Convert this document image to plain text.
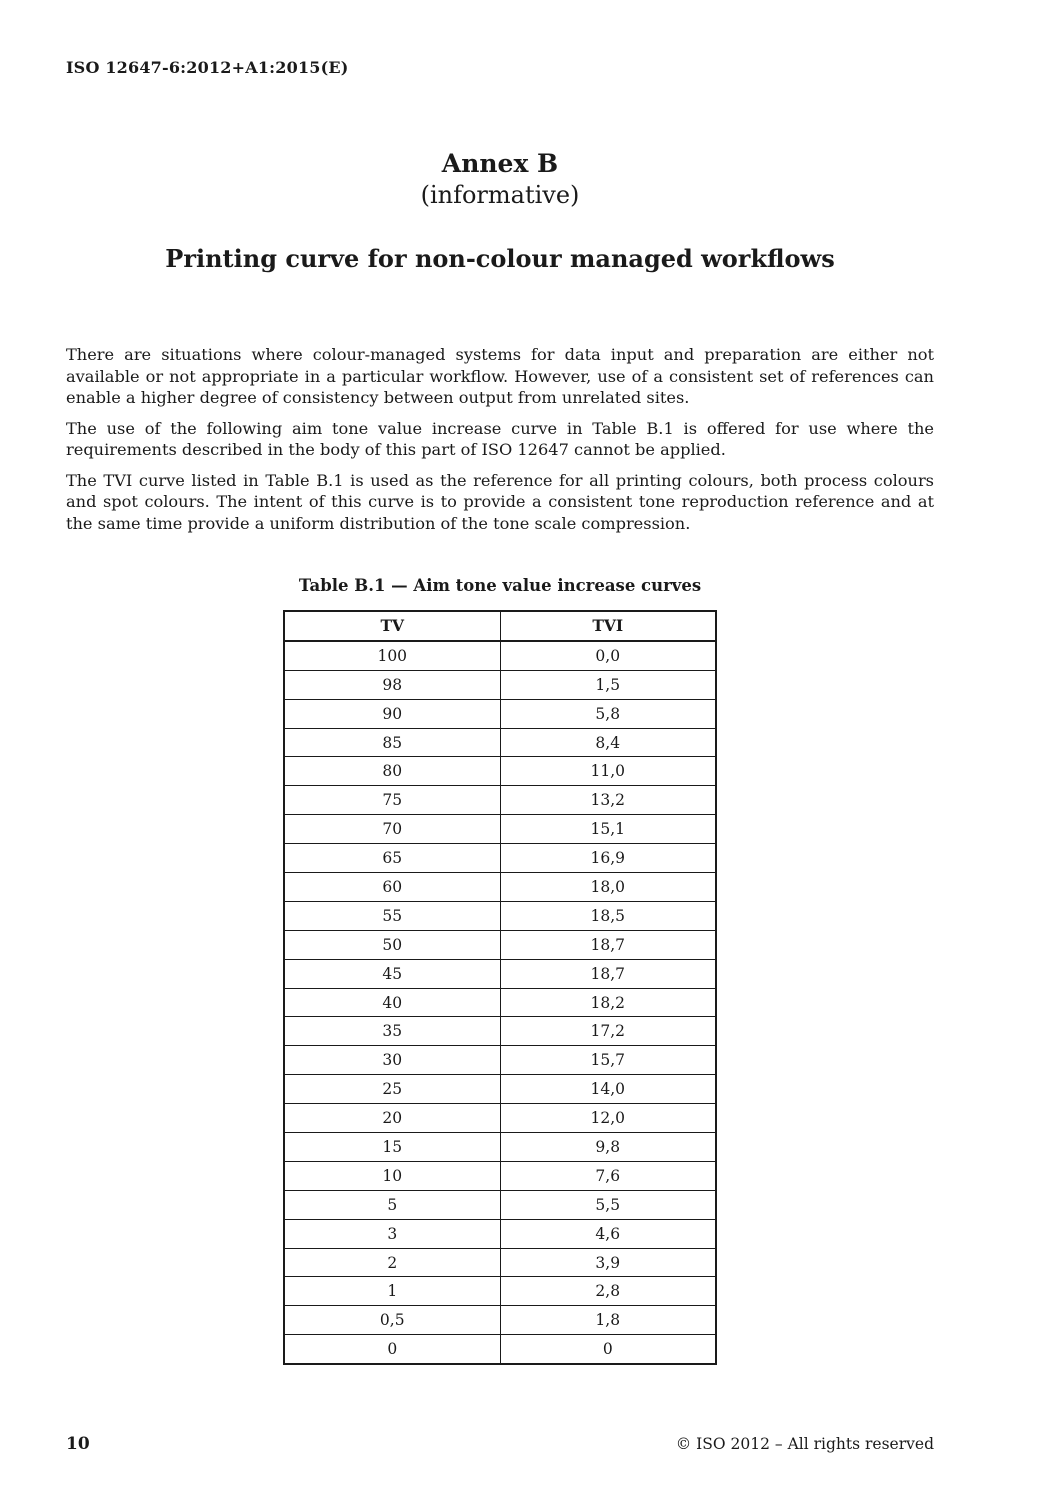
ISO 12647-6:2012+A1:2015(E)
Annex B
(informative)
Printing curve for non-colour managed workflows

There are situations where colour-managed systems for data input and preparation are either not available or not appropriate in a particular workflow. However, use of a consistent set of references can enable a higher degree of consistency between output from unrelated sites.

The use of the following aim tone value increase curve in Table B.1 is offered for use where the requirements described in the body of this part of ISO 12647 cannot be applied.

The TVI curve listed in Table B.1 is used as the reference for all printing colours, both process colours and spot colours. The intent of this curve is to provide a consistent tone reproduction reference and at the same time provide a uniform distribution of the tone scale compression.

Table B.1 — Aim tone value increase curves
TV	TVI
100	0,0
98	1,5
90	5,8
85	8,4
80	11,0
75	13,2
70	15,1
65	16,9
60	18,0
55	18,5
50	18,7
45	18,7
40	18,2
35	17,2
30	15,7
25	14,0
20	12,0
15	9,8
10	7,6
5	5,5
3	4,6
2	3,9
1	2,8
0,5	1,8
0	0
10	© ISO 2012 – All rights reserved
